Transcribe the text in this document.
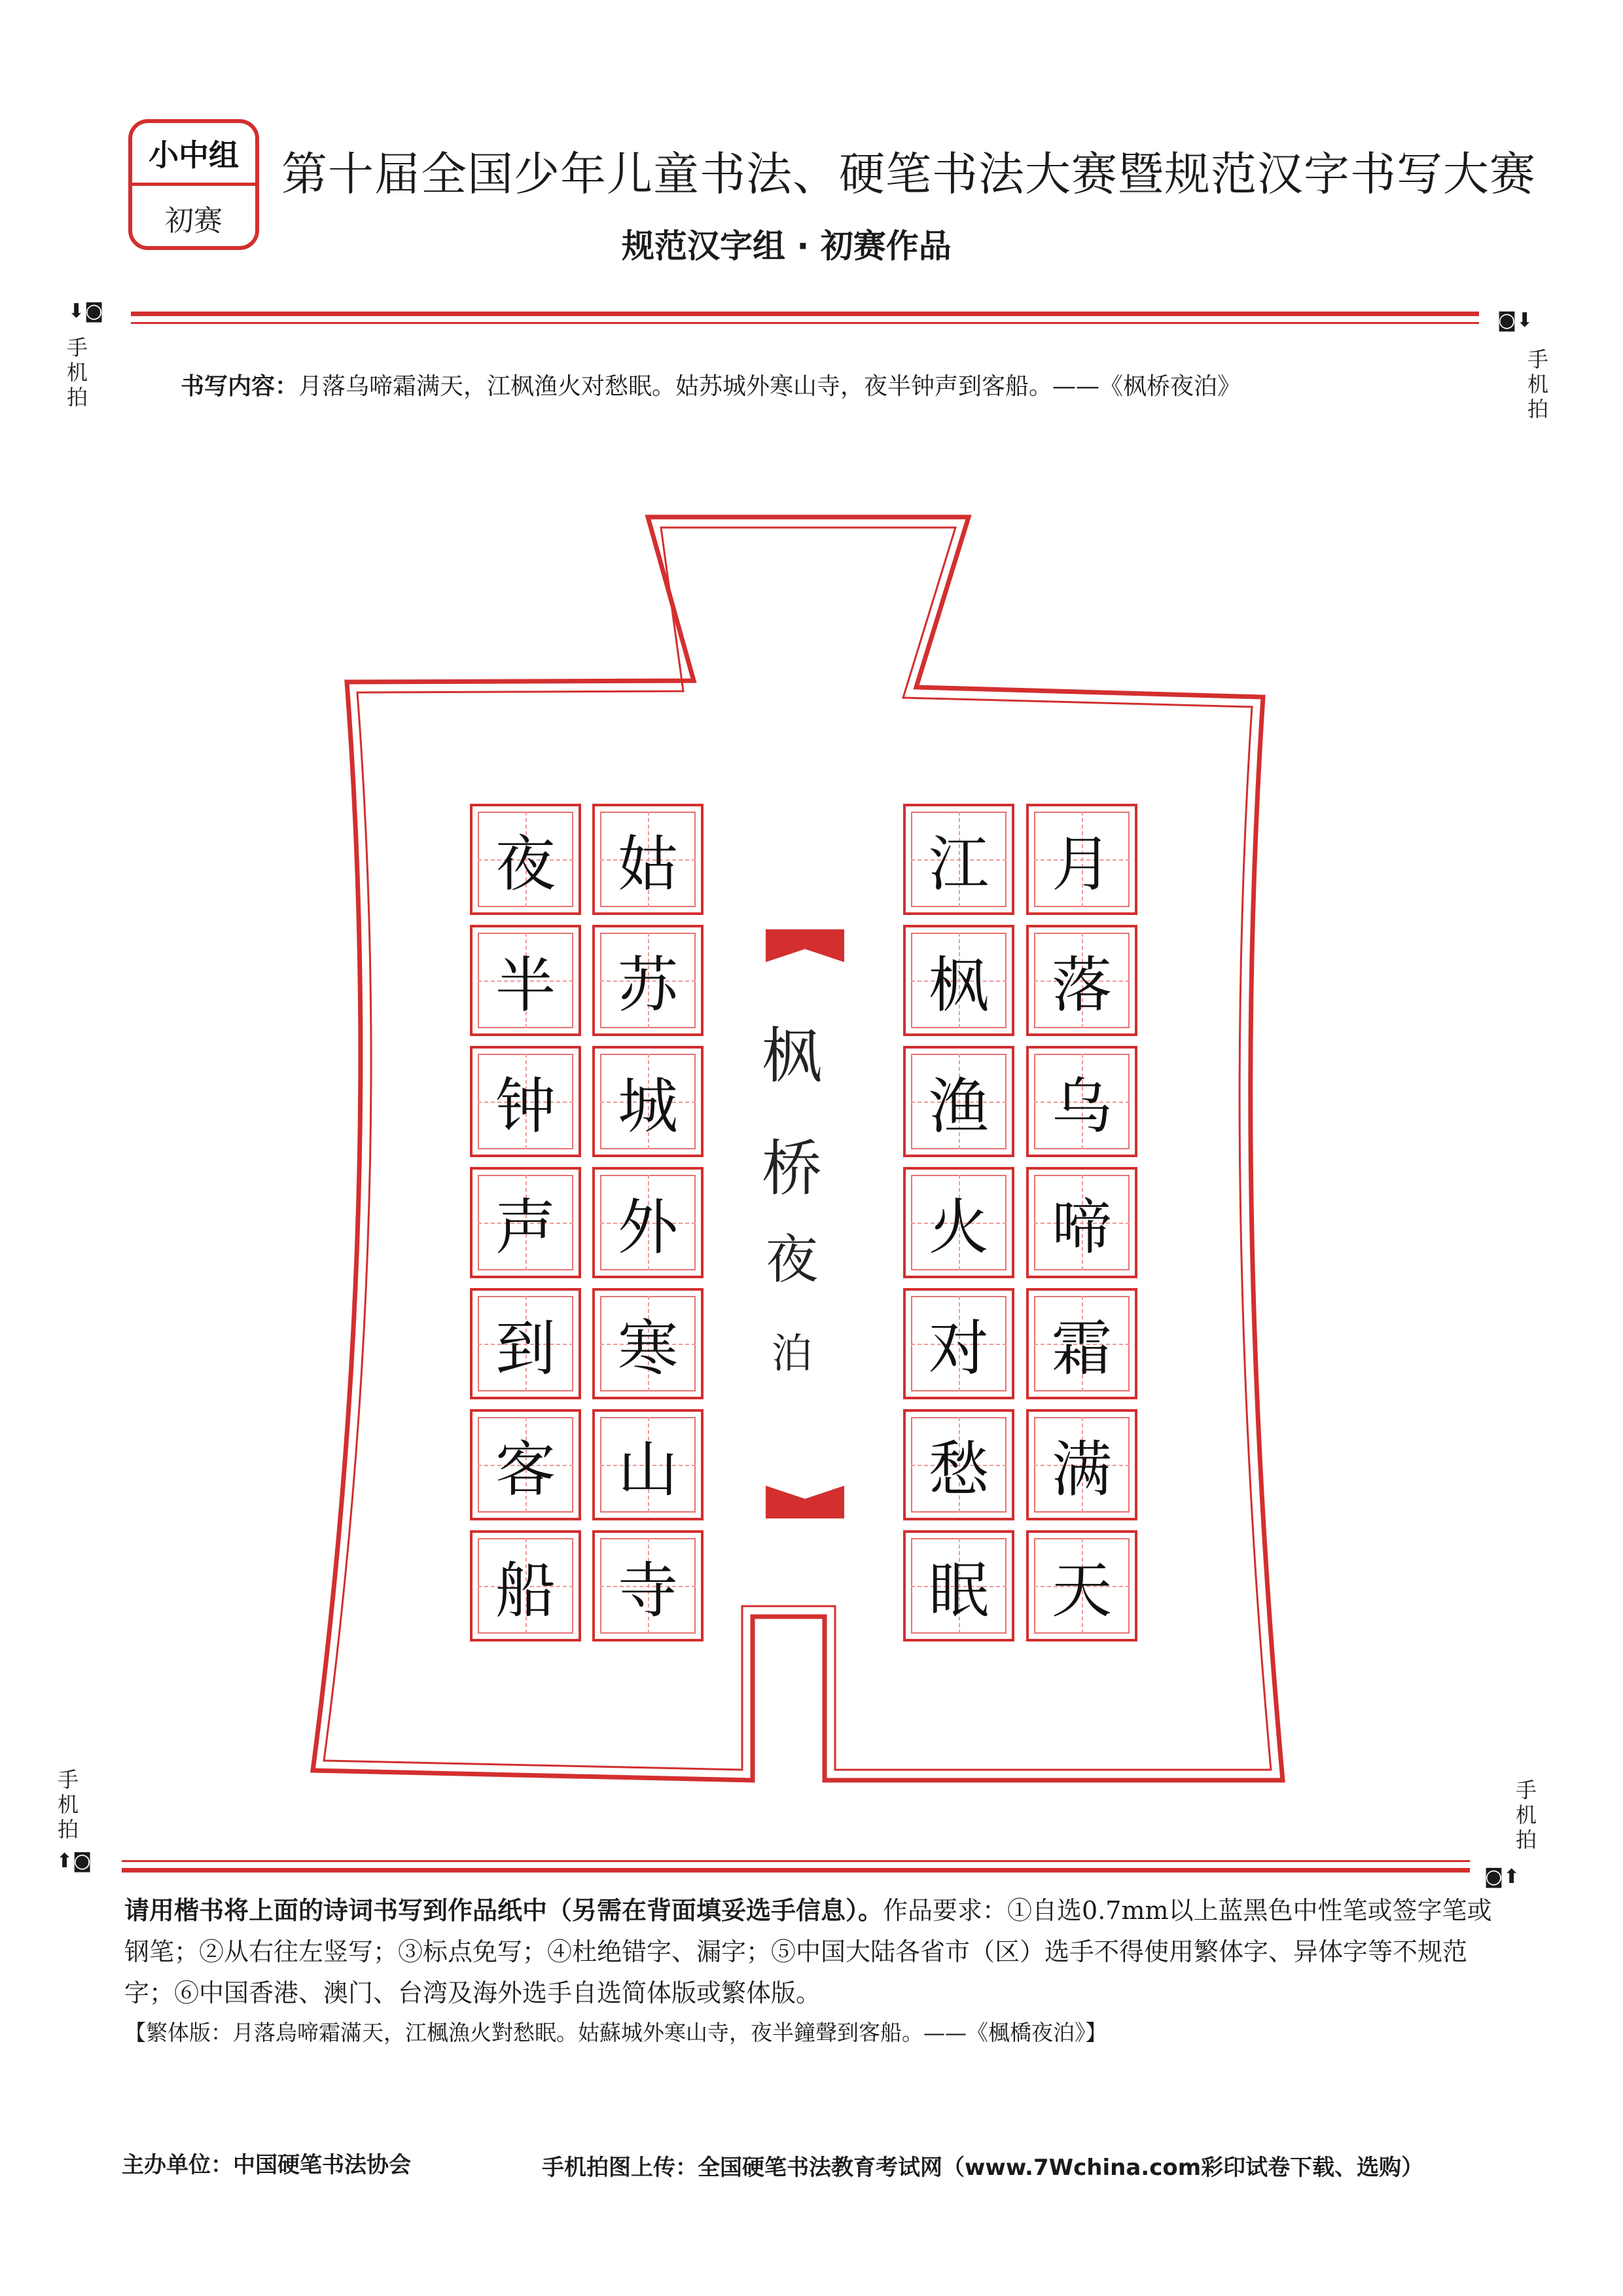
小中组
初赛
第十届全国少年儿童书法、硬笔书法大赛暨规范汉字书写大赛
规范汉字组 · 初赛作品
⬇◙	◙⬇
手
机
拍
手
机
拍
书写内容：月落乌啼霜满天，江枫渔火对愁眠。姑苏城外寒山寺，夜半钟声到客船。——《枫桥夜泊》
枫
桥
夜
泊
月
落
乌
啼
霜
满
天
江
枫
渔
火
对
愁
眠
姑
苏
城
外
寒
山
寺
夜
半
钟
声
到
客
船
手
机
拍
⬆◙
手
机
拍
◙⬆
请用楷书将上面的诗词书写到作品纸中（另需在背面填妥选手信息）。作品要求：①自选0.7mm以上蓝黑色中性笔或签字笔或钢笔；②从右往左竖写；③标点免写；④杜绝错字、漏字；⑤中国大陆各省市（区）选手不得使用繁体字、异体字等不规范字；⑥中国香港、澳门、台湾及海外选手自选简体版或繁体版。
【繁体版：月落烏啼霜滿天，江楓漁火對愁眠。姑蘇城外寒山寺，夜半鐘聲到客船。——《楓橋夜泊》】
主办单位：中国硬笔书法协会	手机拍图上传：全国硬笔书法教育考试网（www.7Wchina.com彩印试卷下载、选购）
